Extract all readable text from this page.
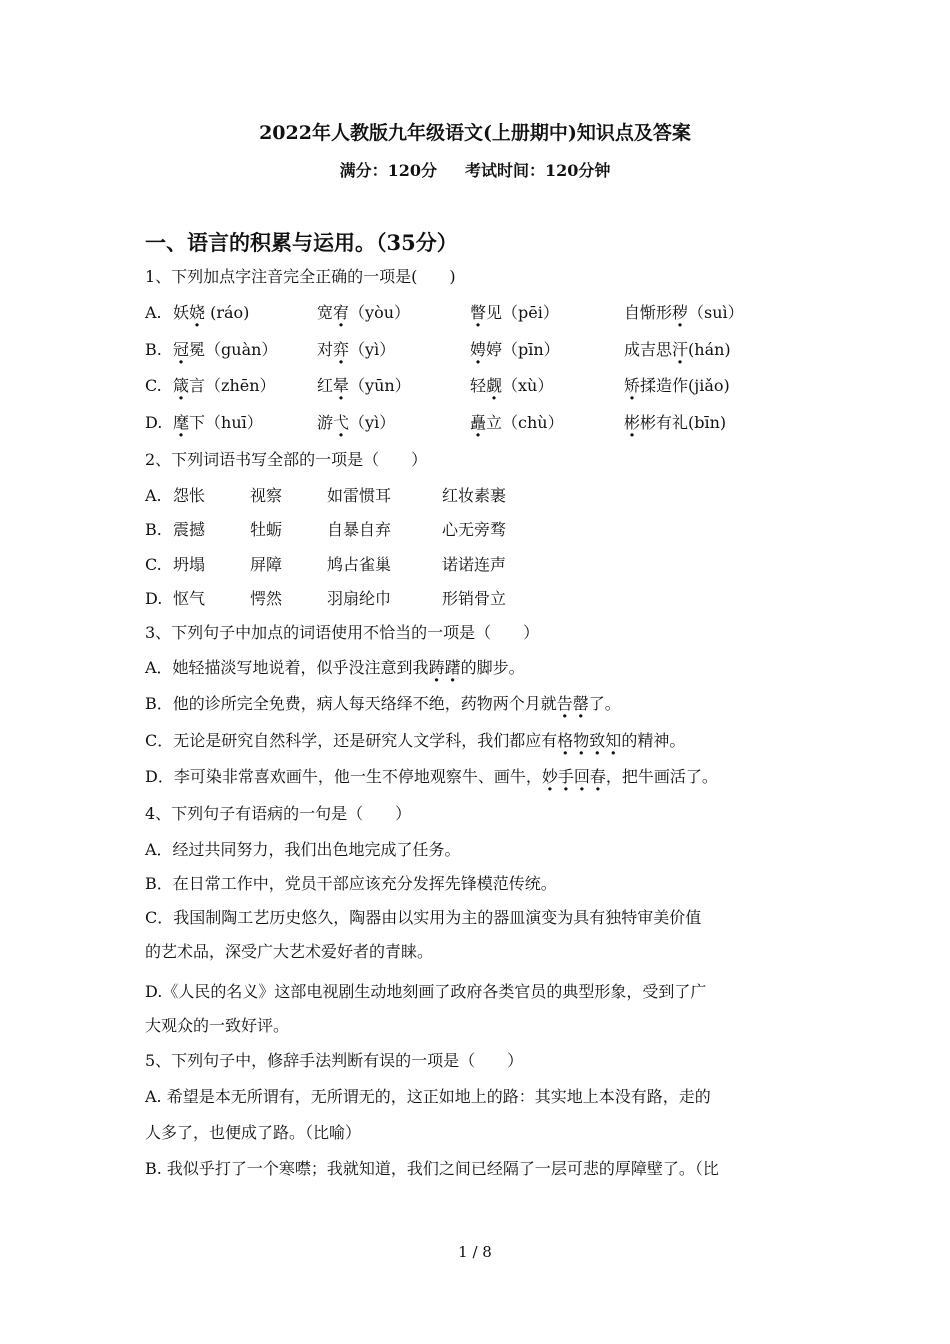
2022年人教版九年级语文(上册期中)知识点及答案
满分：120分 考试时间：120分钟
一、语言的积累与运用。（35分）
1、下列加点字注音完全正确的一项是(　　)
A. 妖娆 (ráo)	宽宥（yòu）	瞥见（pēi）	自惭形秽（suì）
B. 冠冕（guàn） 对弈（yì）	娉婷（pīn）	成吉思汗(hán)
C. 箴言（zhēn）	红晕（yūn）	轻觑（xù）	矫揉造作(jiǎo)
D. 麾下（huī）	游弋（yì）	矗立（chù）	彬彬有礼(bīn)
2、下列词语书写全部的一项是（　　）
A. 怨怅	视察	如雷惯耳	红妆素裹
B. 震撼	牡蛎	自暴自弃	心无旁骛
C. 坍塌	屏障	鸠占雀巢	诺诺连声
D. 怄气	愕然	羽扇纶巾	形销骨立
3、下列句子中加点的词语使用不恰当的一项是（　　）
A．她轻描淡写地说着，似乎没注意到我踌躇的脚步。
B．他的诊所完全免费，病人每天络绎不绝，药物两个月就告罄了。
C．无论是研究自然科学，还是研究人文学科，我们都应有格物致知的精神。
D．李可染非常喜欢画牛，他一生不停地观察牛、画牛，妙手回春，把牛画活了。
4、下列句子有语病的一句是（　　）
A．经过共同努力，我们出色地完成了任务。
B．在日常工作中，党员干部应该充分发挥先锋模范传统。
C．我国制陶工艺历史悠久，陶器由以实用为主的器皿演变为具有独特审美价值
的艺术品，深受广大艺术爱好者的青睐。
D.《人民的名义》这部电视剧生动地刻画了政府各类官员的典型形象，受到了广
大观众的一致好评。
5、下列句子中，修辞手法判断有误的一项是（　　）
A. 希望是本无所谓有，无所谓无的，这正如地上的路：其实地上本没有路，走的
人多了，也便成了路。（比喻）
B. 我似乎打了一个寒噤；我就知道，我们之间已经隔了一层可悲的厚障壁了。（比
1 / 8
